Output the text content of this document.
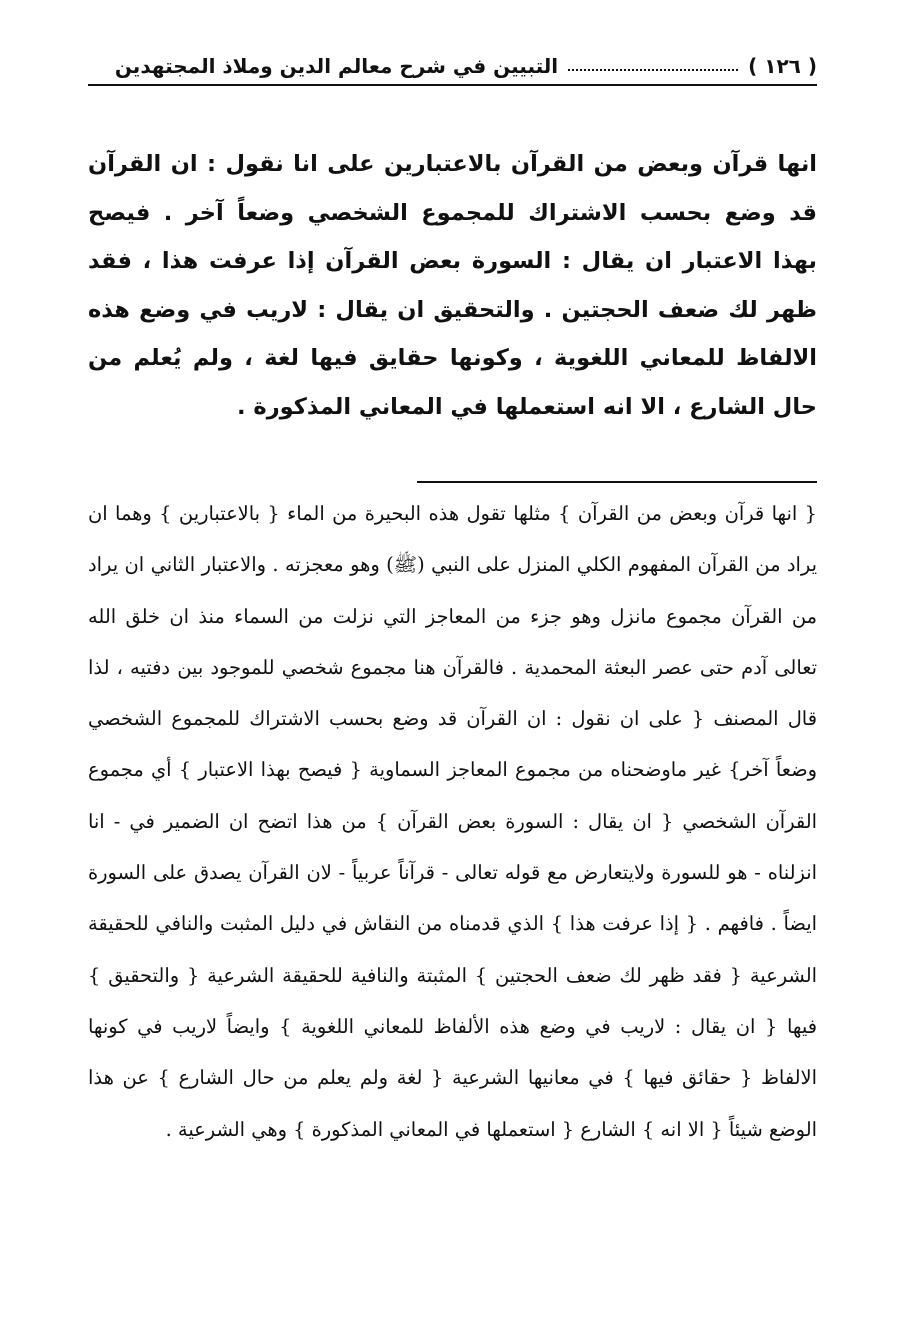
( ١٢٦ )
التبيين في شرح معالم الدين وملاذ المجتهدين

انها قرآن وبعض من القرآن بالاعتبارين على انا نقول : ان القرآن قد وضع بحسب الاشتراك للمجموع الشخصي وضعاً آخر . فيصح بهذا الاعتبار ان يقال : السورة بعض القرآن إذا عرفت هذا ، فقد ظهر لك ضعف الحجتين . والتحقيق ان يقال : لاريب في وضع هذه الالفاظ للمعاني اللغوية ، وكونها حقايق فيها لغة ، ولم يُعلم من حال الشارع ، الا انه استعملها في المعاني المذكورة .

{ انها قرآن وبعض من القرآن } مثلها تقول هذه البحيرة من الماء { بالاعتبارين } وهما ان يراد من القرآن المفهوم الكلي المنزل على النبي (ﷺ) وهو معجزته . والاعتبار الثاني ان يراد من القرآن مجموع مانزل وهو جزء من المعاجز التي نزلت من السماء منذ ان خلق الله تعالى آدم حتى عصر البعثة المحمدية . فالقرآن هنا مجموع شخصي للموجود بين دفتيه ، لذا قال المصنف { على ان نقول : ان القرآن قد وضع بحسب الاشتراك للمجموع الشخصي وضعاً آخر} غير ماوضحناه من مجموع المعاجز السماوية { فيصح بهذا الاعتبار } أي مجموع القرآن الشخصي { ان يقال : السورة بعض القرآن } من هذا اتضح ان الضمير في - انا انزلناه - هو للسورة ولايتعارض مع قوله تعالى - قرآناً عربياً - لان القرآن يصدق على السورة ايضاً . فافهم . { إذا عرفت هذا } الذي قدمناه من النقاش في دليل المثبت والنافي للحقيقة الشرعية { فقد ظهر لك ضعف الحجتين } المثبتة والنافية للحقيقة الشرعية { والتحقيق } فيها { ان يقال : لاريب في وضع هذه الألفاظ للمعاني اللغوية } وايضاً لاريب في كونها الالفاظ { حقائق فيها } في معانيها الشرعية { لغة ولم يعلم من حال الشارع } عن هذا الوضع شيئاً { الا انه } الشارع { استعملها في المعاني المذكورة } وهي الشرعية .
